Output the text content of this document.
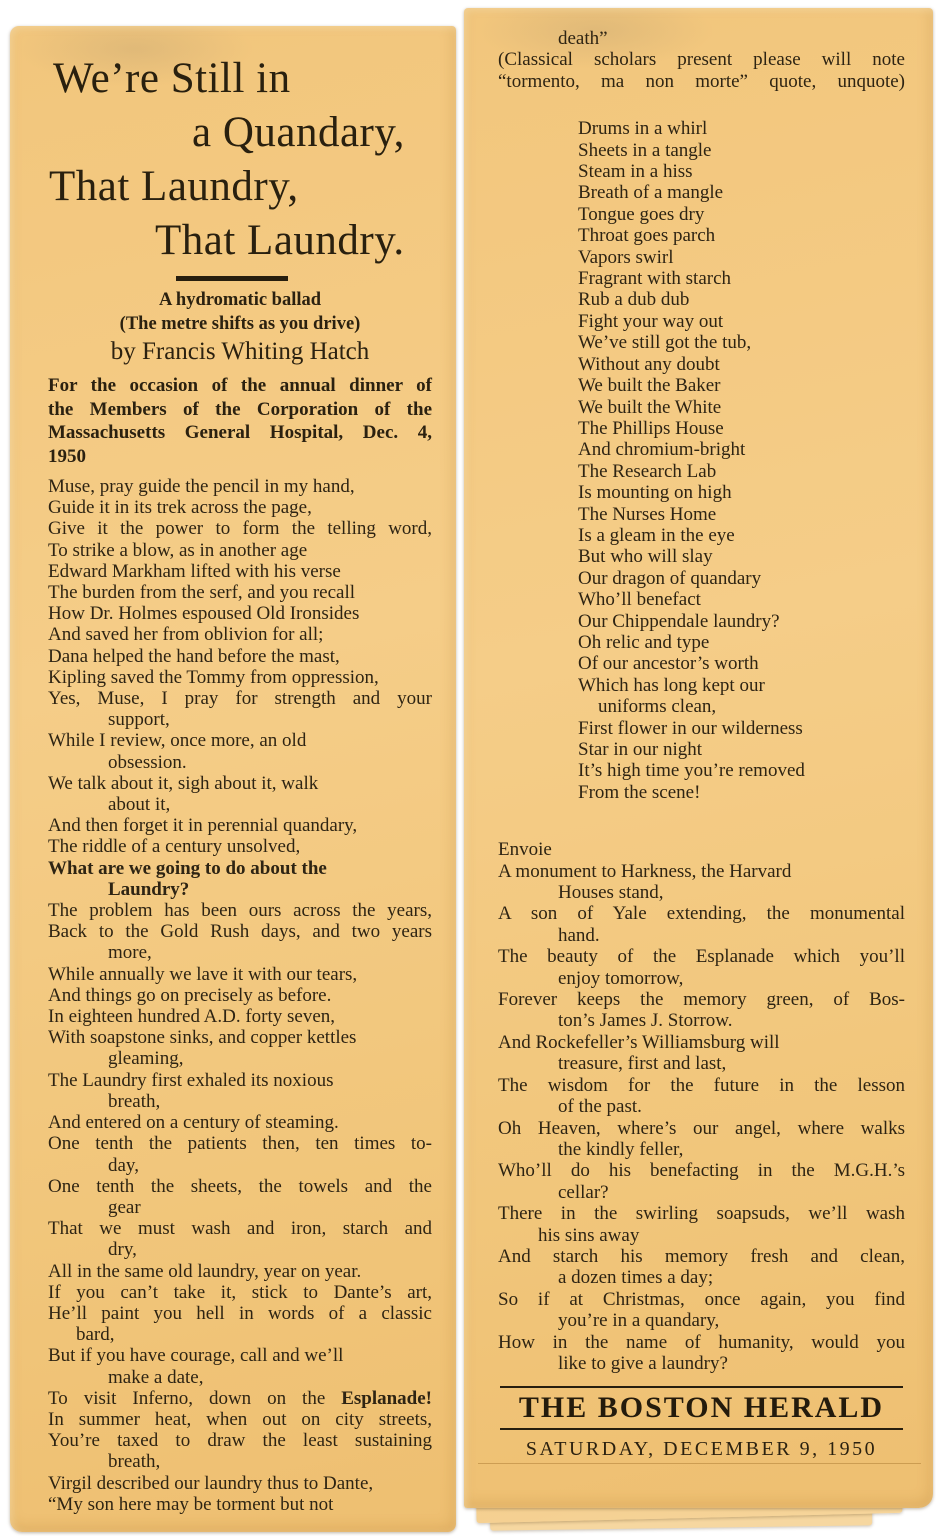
We’re Still in
a Quandary,
That Laundry,
That Laundry.
A hydromatic ballad
(The metre shifts as you drive)
by Francis Whiting Hatch
For the occasion of the annual dinner of
the Members of the Corporation of the
Massachusetts General Hospital, Dec. 4,
1950
Muse, pray guide the pencil in my hand,
Guide it in its trek across the page,
Give it the power to form the telling word,
To strike a blow, as in another age
Edward Markham lifted with his verse
The burden from the serf, and you recall
How Dr. Holmes espoused Old Ironsides
And saved her from oblivion for all;
Dana helped the hand before the mast,
Kipling saved the Tommy from oppression,
Yes, Muse, I pray for strength and your
support,
While I review, once more, an old
obsession.
We talk about it, sigh about it, walk
about it,
And then forget it in perennial quandary,
The riddle of a century unsolved,
What are we going to do about the
Laundry?
The problem has been ours across the years,
Back to the Gold Rush days, and two years
more,
While annually we lave it with our tears,
And things go on precisely as before.
In eighteen hundred A.D. forty seven,
With soapstone sinks, and copper kettles
gleaming,
The Laundry first exhaled its noxious
breath,
And entered on a century of steaming.
One tenth the patients then, ten times to-
day,
One tenth the sheets, the towels and the
gear
That we must wash and iron, starch and
dry,
All in the same old laundry, year on year.
If you can’t take it, stick to Dante’s art,
He’ll paint you hell in words of a classic
bard,
But if you have courage, call and we’ll
make a date,
To visit Inferno, down on the Esplanade!
In summer heat, when out on city streets,
You’re taxed to draw the least sustaining
breath,
Virgil described our laundry thus to Dante,
“My son here may be torment but not
death”
(Classical scholars present please will note
“tormento, ma non morte” quote, unquote)
Drums in a whirl
Sheets in a tangle
Steam in a hiss
Breath of a mangle
Tongue goes dry
Throat goes parch
Vapors swirl
Fragrant with starch
Rub a dub dub
Fight your way out
We’ve still got the tub,
Without any doubt
We built the Baker
We built the White
The Phillips House
And chromium-bright
The Research Lab
Is mounting on high
The Nurses Home
Is a gleam in the eye
But who will slay
Our dragon of quandary
Who’ll benefact
Our Chippendale laundry?
Oh relic and type
Of our ancestor’s worth
Which has long kept our
uniforms clean,
First flower in our wilderness
Star in our night
It’s high time you’re removed
From the scene!
Envoie
A monument to Harkness, the Harvard
Houses stand,
A son of Yale extending, the monumental
hand.
The beauty of the Esplanade which you’ll
enjoy tomorrow,
Forever keeps the memory green, of Bos-
ton’s James J. Storrow.
And Rockefeller’s Williamsburg will
treasure, first and last,
The wisdom for the future in the lesson
of the past.
Oh Heaven, where’s our angel, where walks
the kindly feller,
Who’ll do his benefacting in the M.G.H.’s
cellar?
There in the swirling soapsuds, we’ll wash
his sins away
And starch his memory fresh and clean,
a dozen times a day;
So if at Christmas, once again, you find
you’re in a quandary,
How in the name of humanity, would you
like to give a laundry?
THE BOSTON HERALD
SATURDAY, DECEMBER 9, 1950
